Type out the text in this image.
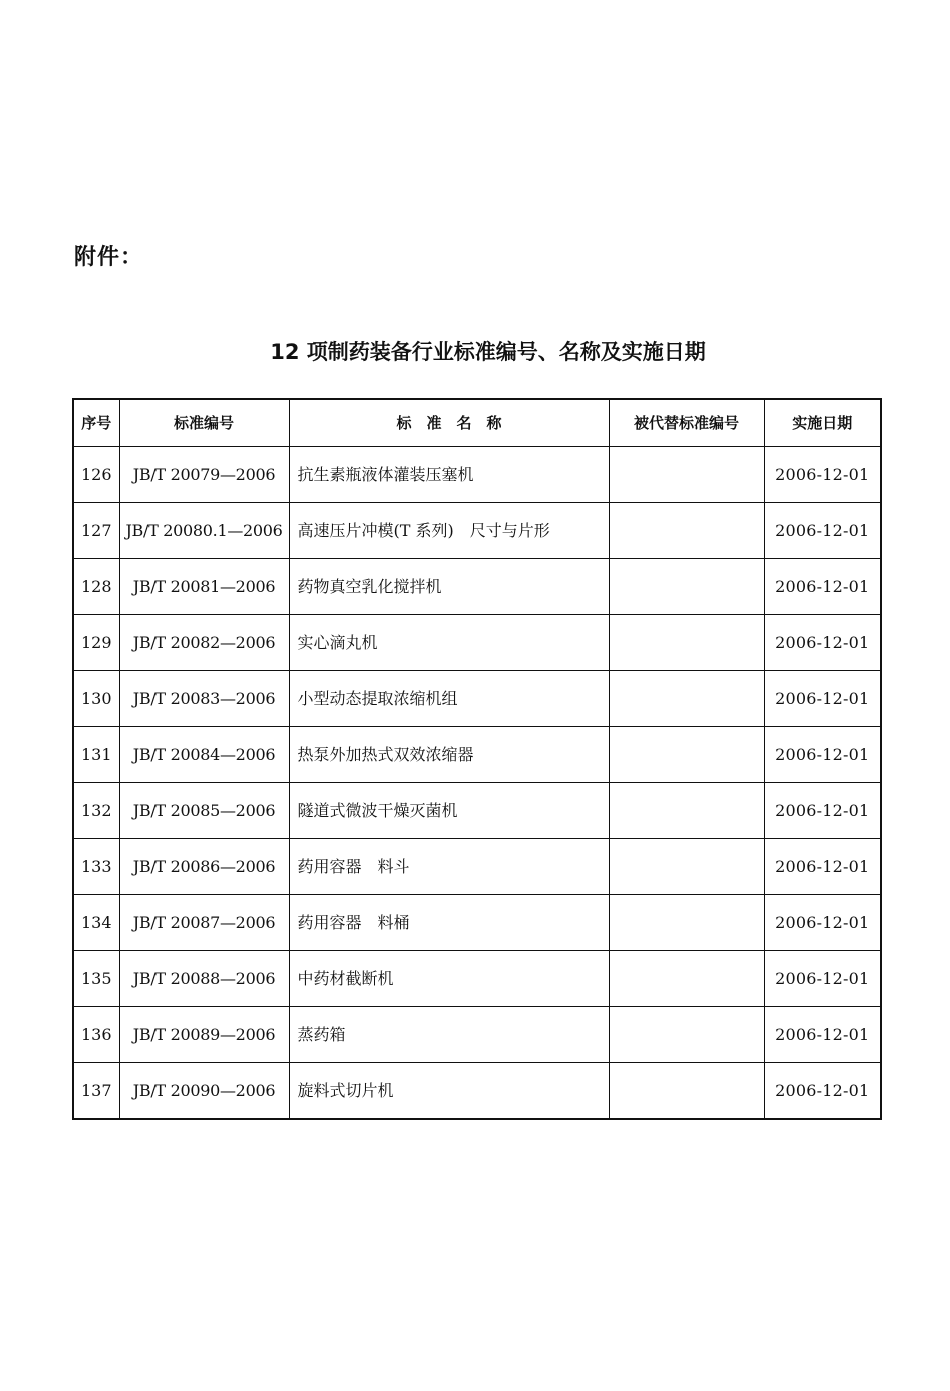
附件：
12 项制药装备行业标准编号、名称及实施日期
序号	标准编号	标　准　名　称	被代替标准编号	实施日期
126	JB/T 20079—2006	抗生素瓶液体灌装压塞机		2006-12-01
127	JB/T 20080.1—2006	高速压片冲模(T 系列)　尺寸与片形		2006-12-01
128	JB/T 20081—2006	药物真空乳化搅拌机		2006-12-01
129	JB/T 20082—2006	实心滴丸机		2006-12-01
130	JB/T 20083—2006	小型动态提取浓缩机组		2006-12-01
131	JB/T 20084—2006	热泵外加热式双效浓缩器		2006-12-01
132	JB/T 20085—2006	隧道式微波干燥灭菌机		2006-12-01
133	JB/T 20086—2006	药用容器　料斗		2006-12-01
134	JB/T 20087—2006	药用容器　料桶		2006-12-01
135	JB/T 20088—2006	中药材截断机		2006-12-01
136	JB/T 20089—2006	蒸药箱		2006-12-01
137	JB/T 20090—2006	旋料式切片机		2006-12-01
